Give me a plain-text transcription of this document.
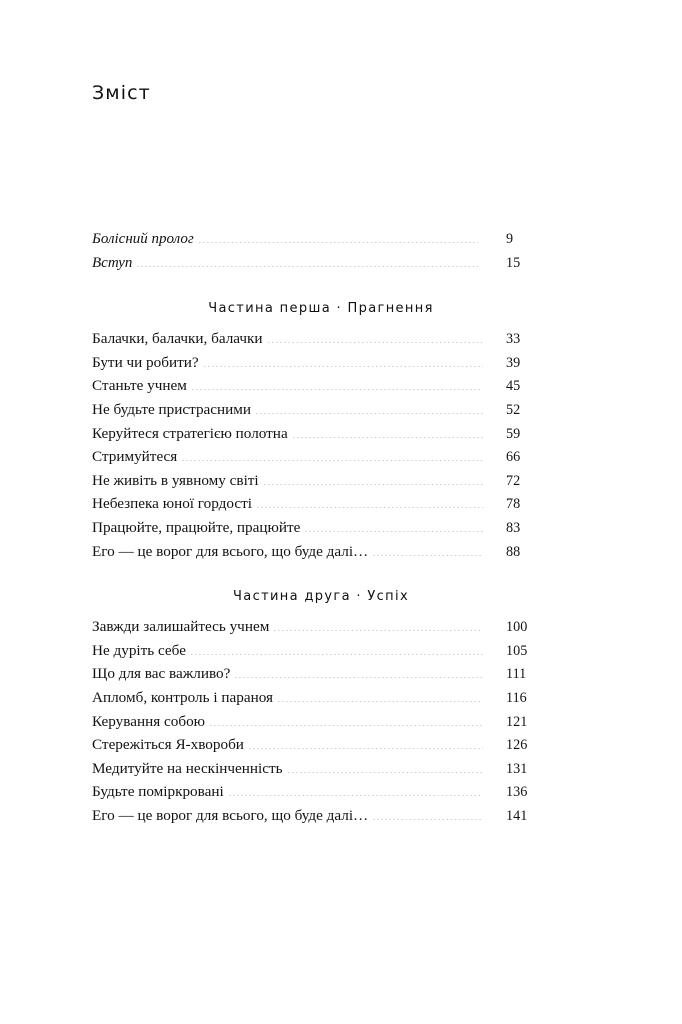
Зміст
Болісний пролог	9
Вступ	15
Частина перша · Прагнення
Балачки, балачки, балачки	33
Бути чи робити?	39
Станьте учнем	45
Не будьте пристрасними	52
Керуйтеся стратегією полотна	59
Стримуйтеся	66
Не живіть в уявному світі	72
Небезпека юної гордості	78
Працюйте, працюйте, працюйте	83
Его — це ворог для всього, що буде далі…	88
Частина друга · Успіх
Завжди залишайтесь учнем	100
Не дуріть себе	105
Що для вас важливо?	111
Апломб, контроль і параноя	116
Керування собою	121
Стережіться Я-хвороби	126
Медитуйте на нескінченність	131
Будьте поміркровані	136
Его — це ворог для всього, що буде далі…	141
